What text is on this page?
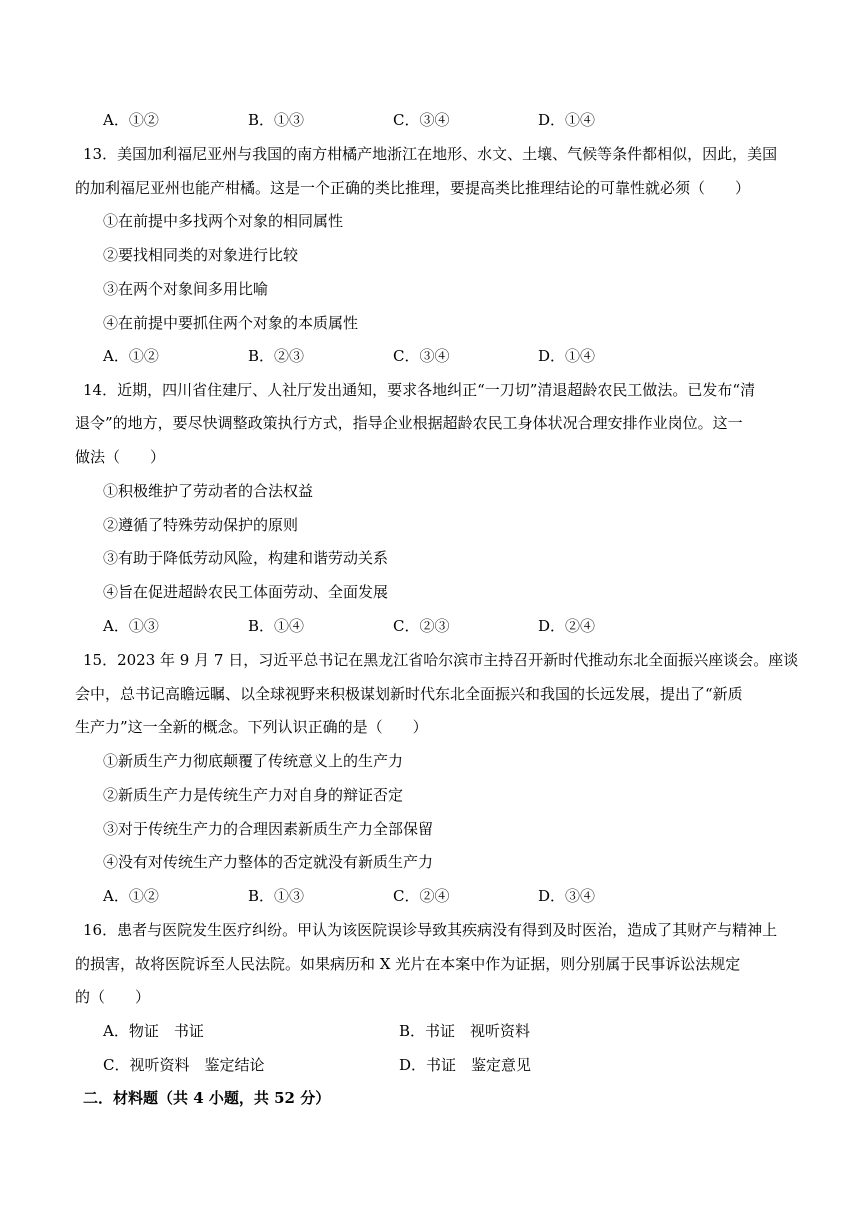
A．①②	B．①③	C．③④	D．①④
13．美国加利福尼亚州与我国的南方柑橘产地浙江在地形、水文、土壤、气候等条件都相似，因此，美国
的加利福尼亚州也能产柑橘。这是一个正确的类比推理，要提高类比推理结论的可靠性就必须（　　）
①在前提中多找两个对象的相同属性
②要找相同类的对象进行比较
③在两个对象间多用比喻
④在前提中要抓住两个对象的本质属性
A．①②	B．②③	C．③④	D．①④
14．近期，四川省住建厅、人社厅发出通知，要求各地纠正“一刀切”清退超龄农民工做法。已发布“清
退令”的地方，要尽快调整政策执行方式，指导企业根据超龄农民工身体状况合理安排作业岗位。这一
做法（　　）
①积极维护了劳动者的合法权益
②遵循了特殊劳动保护的原则
③有助于降低劳动风险，构建和谐劳动关系
④旨在促进超龄农民工体面劳动、全面发展
A．①③	B．①④	C．②③	D．②④
15．2023 年 9 月 7 日，习近平总书记在黑龙江省哈尔滨市主持召开新时代推动东北全面振兴座谈会。座谈
会中，总书记高瞻远瞩、以全球视野来积极谋划新时代东北全面振兴和我国的长远发展，提出了“新质
生产力”这一全新的概念。下列认识正确的是（　　）
①新质生产力彻底颠覆了传统意义上的生产力
②新质生产力是传统生产力对自身的辩证否定
③对于传统生产力的合理因素新质生产力全部保留
④没有对传统生产力整体的否定就没有新质生产力
A．①②	B．①③	C．②④	D．③④
16．患者与医院发生医疗纠纷。甲认为该医院误诊导致其疾病没有得到及时医治，造成了其财产与精神上
的损害，故将医院诉至人民法院。如果病历和 X 光片在本案中作为证据，则分别属于民事诉讼法规定
的（　　）
A．物证　书证	B．书证　视听资料
C．视听资料　鉴定结论	D．书证　鉴定意见
二．材料题（共 4 小题，共 52 分）
